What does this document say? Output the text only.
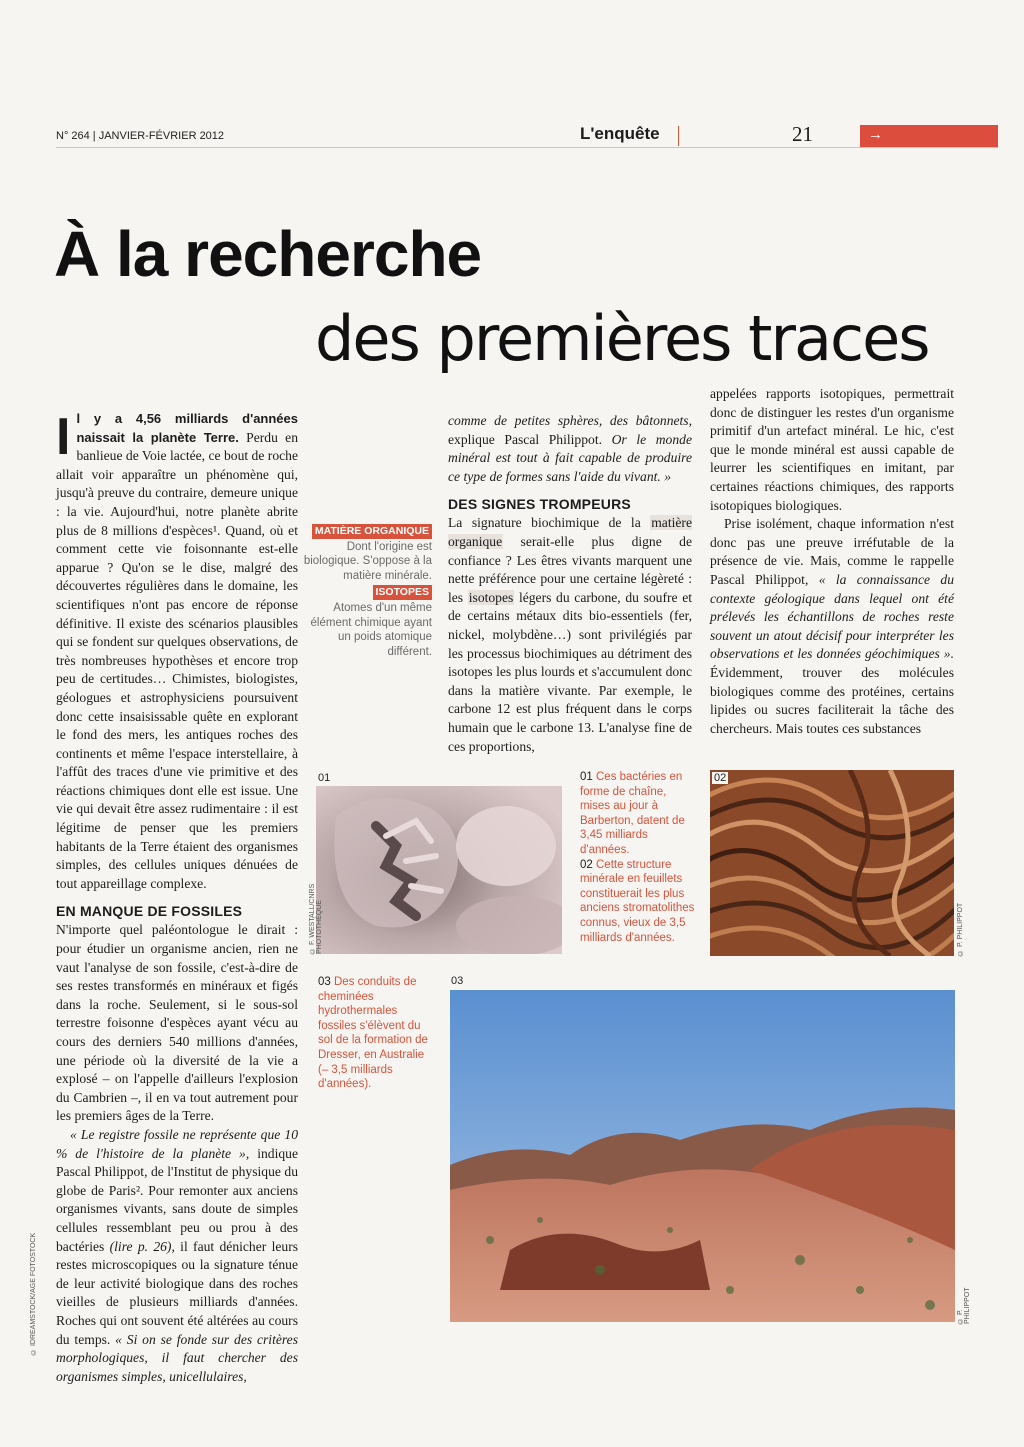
N° 264 | JANVIER-FÉVRIER 2012	L'enquête	21	→
À la recherche
des premières traces

Il y a 4,56 milliards d'années naissait la planète Terre. Perdu en banlieue de Voie lactée, ce bout de roche allait voir apparaître un phénomène qui, jusqu'à preuve du contraire, demeure unique : la vie. Aujourd'hui, notre planète abrite plus de 8 millions d'espèces¹. Quand, où et comment cette vie foisonnante est-elle apparue ? Qu'on se le dise, malgré des découvertes régulières dans le domaine, les scientifiques n'ont pas encore de réponse définitive. Il existe des scénarios plausibles qui se fondent sur quelques observations, de très nombreuses hypothèses et encore trop peu de certitudes… Chimistes, biologistes, géologues et astrophysiciens poursuivent donc cette insaisissable quête en explorant le fond des mers, les antiques roches des continents et même l'espace interstellaire, à l'affût des traces d'une vie primitive et des réactions chimiques dont elle est issue. Une vie qui devait être assez rudimentaire : il est légitime de penser que les premiers habitants de la Terre étaient des organismes simples, des cellules uniques dénuées de tout appareillage complexe.

EN MANQUE DE FOSSILES

N'importe quel paléontologue le dirait : pour étudier un organisme ancien, rien ne vaut l'analyse de son fossile, c'est-à-dire de ses restes transformés en minéraux et figés dans la roche. Seulement, si le sous-sol terrestre foisonne d'espèces ayant vécu au cours des derniers 540 millions d'années, une période où la diversité de la vie a explosé – on l'appelle d'ailleurs l'explosion du Cambrien –, il en va tout autrement pour les premiers âges de la Terre.

« Le registre fossile ne représente que 10 % de l'histoire de la planète », indique Pascal Philippot, de l'Institut de physique du globe de Paris². Pour remonter aux anciens organismes vivants, sans doute de simples cellules ressemblant peu ou prou à des bactéries (lire p. 26), il faut dénicher leurs restes microscopiques ou la signature ténue de leur activité biologique dans des roches vieilles de plusieurs milliards d'années. Roches qui ont souvent été altérées au cours du temps. « Si on se fonde sur des critères morphologiques, il faut chercher des organismes simples, unicellulaires,

MATIÈRE ORGANIQUE
Dont l'origine est biologique. S'oppose à la matière minérale.
ISOTOPES
Atomes d'un même élément chimique ayant un poids atomique différent.

comme de petites sphères, des bâtonnets, explique Pascal Philippot. Or le monde minéral est tout à fait capable de produire ce type de formes sans l'aide du vivant. »

DES SIGNES TROMPEURS

La signature biochimique de la matière organique serait-elle plus digne de confiance ? Les êtres vivants marquent une nette préférence pour une certaine légèreté : les isotopes légers du carbone, du soufre et de certains métaux dits bio-essentiels (fer, nickel, molybdène…) sont privilégiés par les processus biochimiques au détriment des isotopes les plus lourds et s'accumulent donc dans la matière vivante. Par exemple, le carbone 12 est plus fréquent dans le corps humain que le carbone 13. L'analyse fine de ces proportions,

appelées rapports isotopiques, permettrait donc de distinguer les restes d'un organisme primitif d'un artefact minéral. Le hic, c'est que le monde minéral est aussi capable de leurrer les scientifiques en imitant, par certaines réactions chimiques, des rapports isotopiques biologiques.

Prise isolément, chaque information n'est donc pas une preuve irréfutable de la présence de vie. Mais, comme le rappelle Pascal Philippot, « la connaissance du contexte géologique dans lequel ont été prélevés les échantillons de roches reste souvent un atout décisif pour interpréter les observations et les données géochimiques ». Évidemment, trouver des molécules biologiques comme des protéines, certains lipides ou sucres faciliterait la tâche des chercheurs. Mais toutes ces substances

01
© F. WESTALL/CNRS PHOTOTHÈQUE
01 Ces bactéries en forme de chaîne, mises au jour à Barberton, datent de 3,45 milliards d'années.
02 Cette structure minérale en feuillets constituerait les plus anciens stromatolithes connus, vieux de 3,5 milliards d'années.
02
© P. PHILIPPOT
03 Des conduits de cheminées hydrothermales fossiles s'élèvent du sol de la formation de Dresser, en Australie (– 3,5 milliards d'années).
03
© P. PHILIPPOT
© IDREAMSTOCK/AGE FOTOSTOCK
